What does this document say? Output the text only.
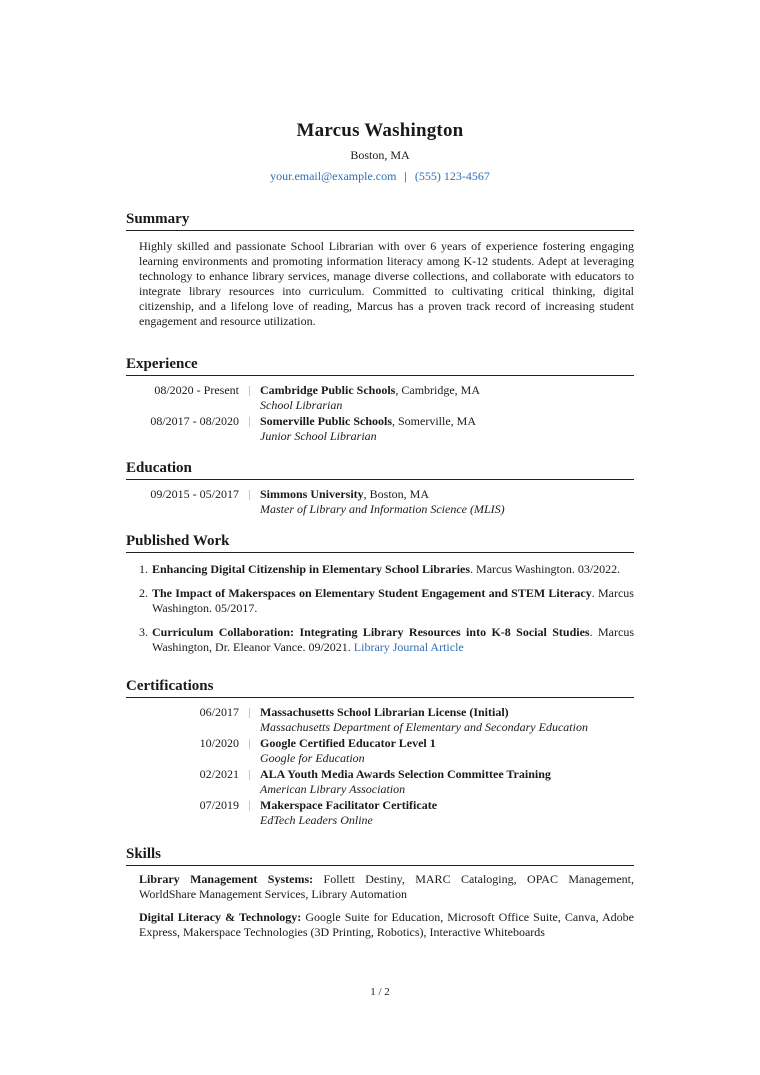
Marcus Washington
Boston, MA
your.email@example.com | (555) 123-4567
Summary
Highly skilled and passionate School Librarian with over 6 years of experience fostering engaging learning environments and promoting information literacy among K-12 students. Adept at leveraging technology to enhance library services, manage diverse collections, and collaborate with educators to integrate library resources into curriculum. Committed to cultivating critical thinking, digital citizenship, and a lifelong love of reading, Marcus has a proven track record of increasing student engagement and resource utilization.
Experience
08/2020 - Present Cambridge Public Schools, Cambridge, MA
School Librarian
08/2017 - 08/2020 Somerville Public Schools, Somerville, MA
Junior School Librarian
Education
09/2015 - 05/2017 Simmons University, Boston, MA
Master of Library and Information Science (MLIS)
Published Work
1. Enhancing Digital Citizenship in Elementary School Libraries. Marcus Washington. 03/2022.
2. The Impact of Makerspaces on Elementary Student Engagement and STEM Literacy. Marcus Washington. 05/2017.
3. Curriculum Collaboration: Integrating Library Resources into K-8 Social Studies. Marcus Washington, Dr. Eleanor Vance. 09/2021. Library Journal Article
Certifications
06/2017 Massachusetts School Librarian License (Initial)
Massachusetts Department of Elementary and Secondary Education
10/2020 Google Certified Educator Level 1
Google for Education
02/2021 ALA Youth Media Awards Selection Committee Training
American Library Association
07/2019 Makerspace Facilitator Certificate
EdTech Leaders Online
Skills
Library Management Systems: Follett Destiny, MARC Cataloging, OPAC Management, WorldShare Management Services, Library Automation
Digital Literacy & Technology: Google Suite for Education, Microsoft Office Suite, Canva, Adobe Express, Makerspace Technologies (3D Printing, Robotics), Interactive Whiteboards
1 / 2
